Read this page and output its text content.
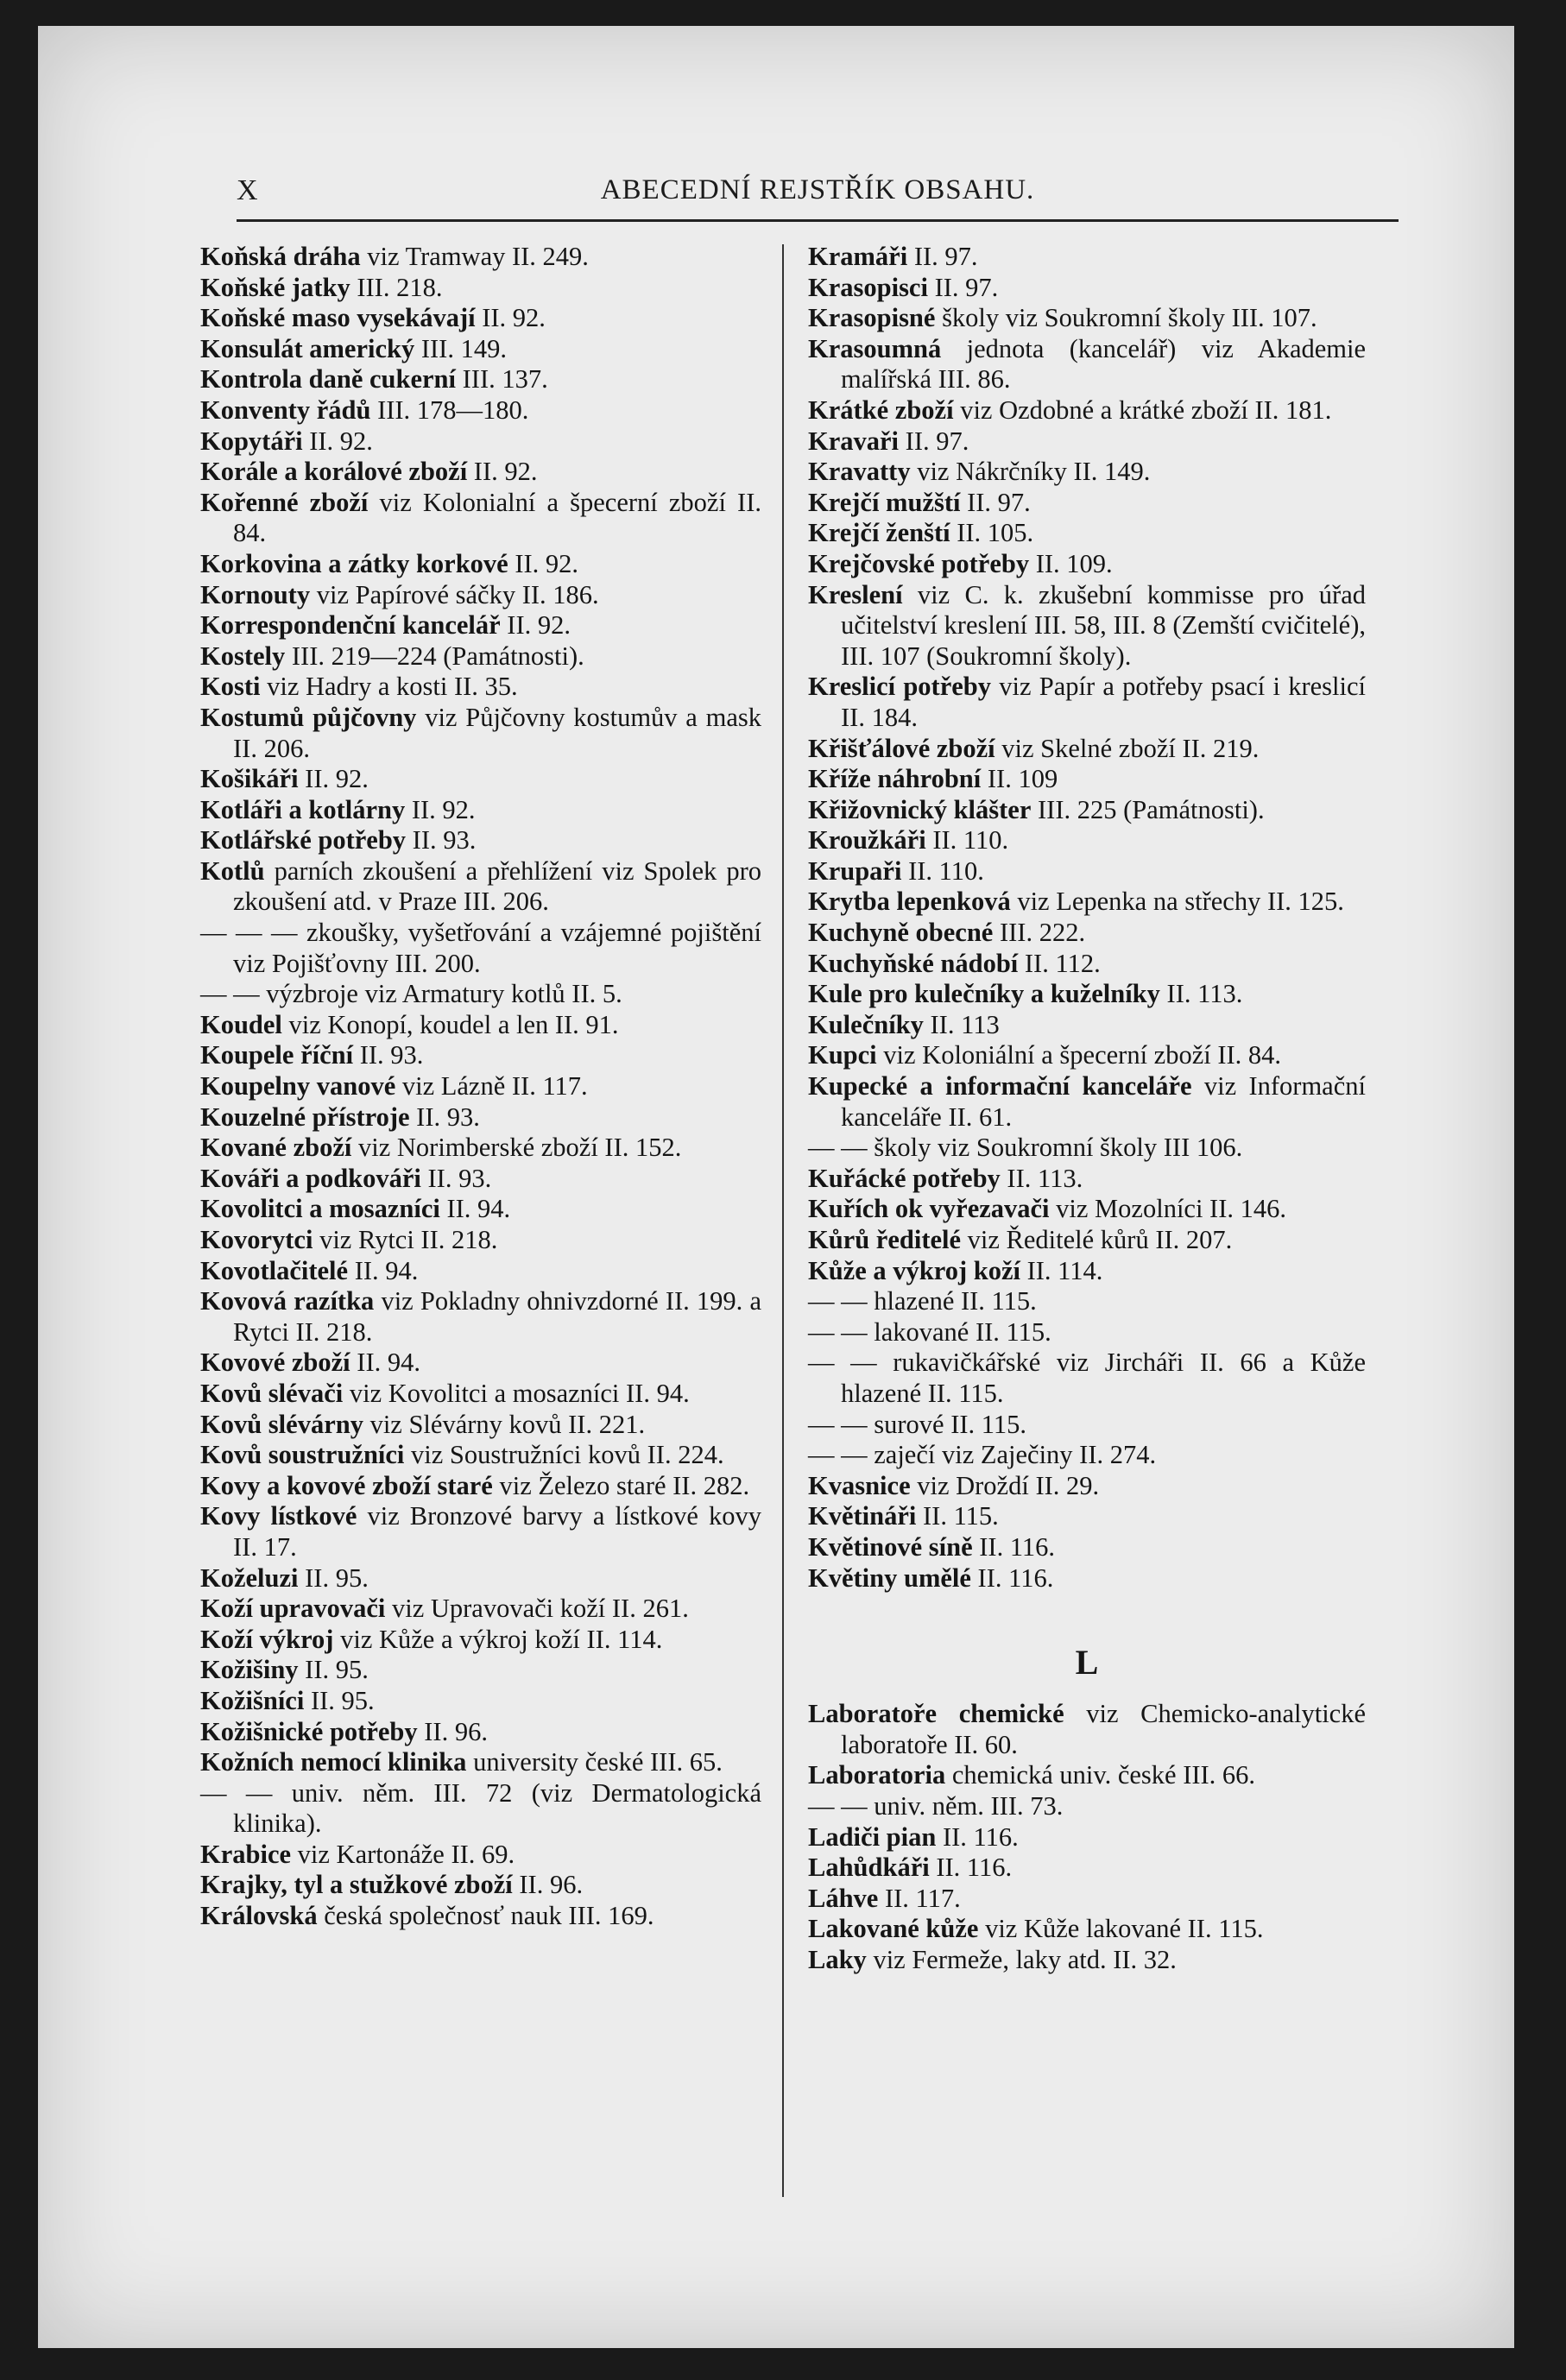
X	ABECEDNÍ REJSTŘÍK OBSAHU.

Koňská dráha viz Tramway II. 249.

Koňské jatky III. 218.

Koňské maso vysekávají II. 92.

Konsulát americký III. 149.

Kontrola daně cukerní III. 137.

Konventy řádů III. 178—180.

Kopytáři II. 92.

Korále a korálové zboží II. 92.

Kořenné zboží viz Kolonialní a špecerní zboží II. 84.

Korkovina a zátky korkové II. 92.

Kornouty viz Papírové sáčky II. 186.

Korrespondenční kancelář II. 92.

Kostely III. 219—224 (Památnosti).

Kosti viz Hadry a kosti II. 35.

Kostumů půjčovny viz Půjčovny kostumův a mask II. 206.

Košikáři II. 92.

Kotláři a kotlárny II. 92.

Kotlářské potřeby II. 93.

Kotlů parních zkoušení a přehlížení viz Spolek pro zkoušení atd. v Praze III. 206.

— — — zkoušky, vyšetřování a vzájemné pojištění viz Pojišťovny III. 200.

— — výzbroje viz Armatury kotlů II. 5.

Koudel viz Konopí, koudel a len II. 91.

Koupele říční II. 93.

Koupelny vanové viz Lázně II. 117.

Kouzelné přístroje II. 93.

Kované zboží viz Norimberské zboží II. 152.

Kováři a podkováři II. 93.

Kovolitci a mosazníci II. 94.

Kovorytci viz Rytci II. 218.

Kovotlačitelé II. 94.

Kovová razítka viz Pokladny ohnivzdorné II. 199. a Rytci II. 218.

Kovové zboží II. 94.

Kovů slévači viz Kovolitci a mosazníci II. 94.

Kovů slévárny viz Slévárny kovů II. 221.

Kovů soustružníci viz Soustružníci kovů II. 224.

Kovy a kovové zboží staré viz Železo staré II. 282.

Kovy lístkové viz Bronzové barvy a lístkové kovy II. 17.

Koželuzi II. 95.

Koží upravovači viz Upravovači koží II. 261.

Koží výkroj viz Kůže a výkroj koží II. 114.

Kožišiny II. 95.

Kožišníci II. 95.

Kožišnické potřeby II. 96.

Kožních nemocí klinika university české III. 65.

— — univ. něm. III. 72 (viz Dermatologická klinika).

Krabice viz Kartonáže II. 69.

Krajky, tyl a stužkové zboží II. 96.

Královská česká společnosť nauk III. 169.

Kramáři II. 97.

Krasopisci II. 97.

Krasopisné školy viz Soukromní školy III. 107.

Krasoumná jednota (kancelář) viz Akademie malířská III. 86.

Krátké zboží viz Ozdobné a krátké zboží II. 181.

Kravaři II. 97.

Kravatty viz Nákrčníky II. 149.

Krejčí mužští II. 97.

Krejčí ženští II. 105.

Krejčovské potřeby II. 109.

Kreslení viz C. k. zkušební kommisse pro úřad učitelství kreslení III. 58, III. 8 (Zemští cvičitelé), III. 107 (Soukromní školy).

Kreslicí potřeby viz Papír a potřeby psací i kreslicí II. 184.

Křišťálové zboží viz Skelné zboží II. 219.

Kříže náhrobní II. 109

Křižovnický klášter III. 225 (Památnosti).

Kroužkáři II. 110.

Krupaři II. 110.

Krytba lepenková viz Lepenka na střechy II. 125.

Kuchyně obecné III. 222.

Kuchyňské nádobí II. 112.

Kule pro kulečníky a kuželníky II. 113.

Kulečníky II. 113

Kupci viz Koloniální a špecerní zboží II. 84.

Kupecké a informační kanceláře viz Informační kanceláře II. 61.

— — školy viz Soukromní školy III 106.

Kuřácké potřeby II. 113.

Kuřích ok vyřezavači viz Mozolníci II. 146.

Kůrů ředitelé viz Ředitelé kůrů II. 207.

Kůže a výkroj koží II. 114.

— — hlazené II. 115.

— — lakované II. 115.

— — rukavičkářské viz Jircháři II. 66 a Kůže hlazené II. 115.

— — surové II. 115.

— — zaječí viz Zaječiny II. 274.

Kvasnice viz Droždí II. 29.

Květináři II. 115.

Květinové síně II. 116.

Květiny umělé II. 116.

L

Laboratoře chemické viz Chemicko-analytické laboratoře II. 60.

Laboratoria chemická univ. české III. 66.

— — univ. něm. III. 73.

Ladiči pian II. 116.

Lahůdkáři II. 116.

Láhve II. 117.

Lakované kůže viz Kůže lakované II. 115.

Laky viz Fermeže, laky atd. II. 32.
